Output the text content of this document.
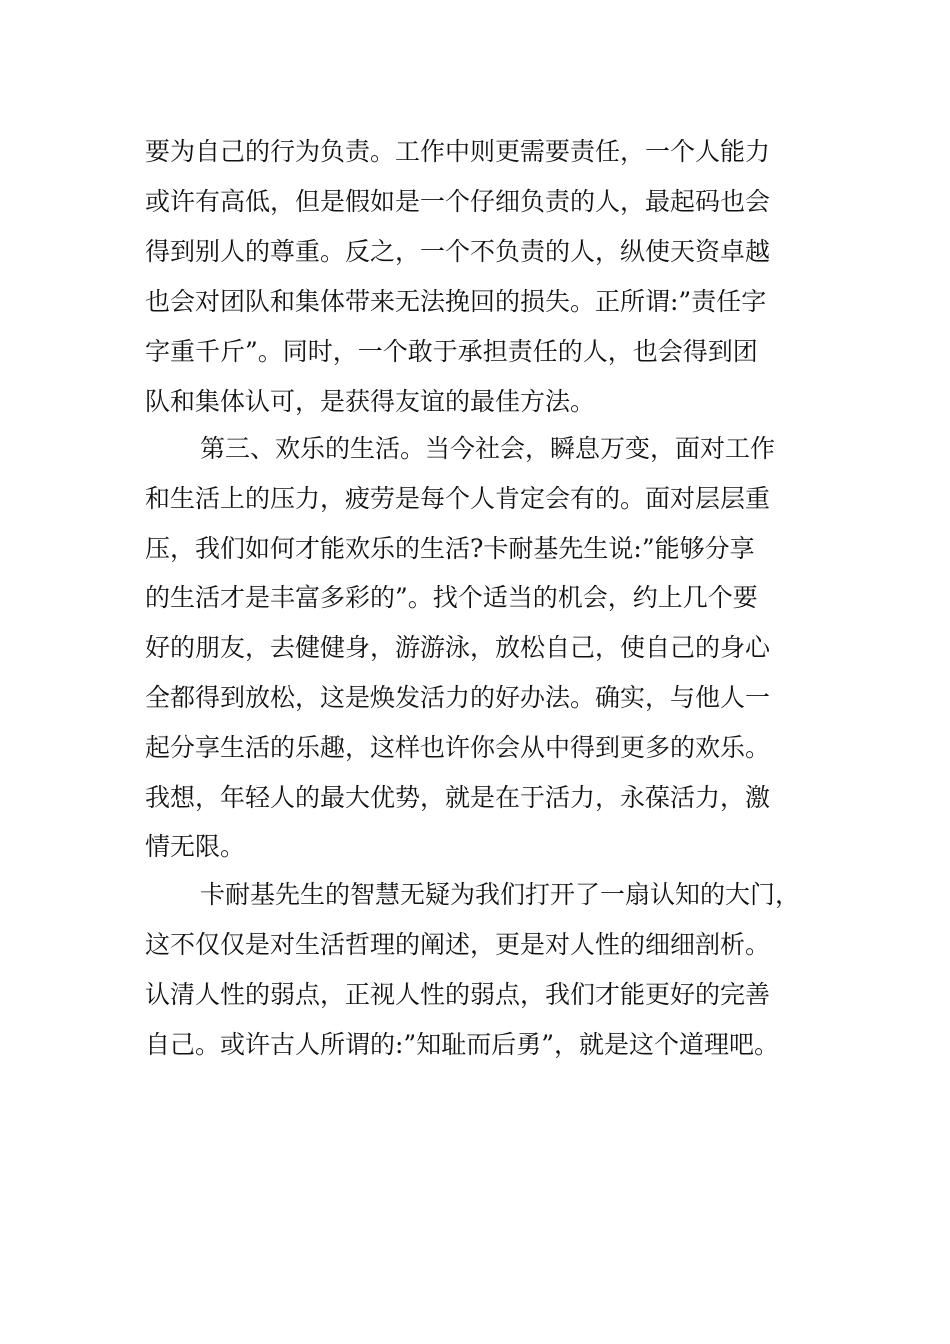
要为自己的行为负责。工作中则更需要责任，一个人能力
或许有高低，但是假如是一个仔细负责的人，最起码也会
得到别人的尊重。反之，一个不负责的人，纵使天资卓越
也会对团队和集体带来无法挽回的损失。正所谓:”责任字
字重千斤”。同时，一个敢于承担责任的人，也会得到团
队和集体认可，是获得友谊的最佳方法。
第三、欢乐的生活。当今社会，瞬息万变，面对工作
和生活上的压力，疲劳是每个人肯定会有的。面对层层重
压，我们如何才能欢乐的生活?卡耐基先生说:”能够分享
的生活才是丰富多彩的”。找个适当的机会，约上几个要
好的朋友，去健健身，游游泳，放松自己，使自己的身心
全都得到放松，这是焕发活力的好办法。确实，与他人一
起分享生活的乐趣，这样也许你会从中得到更多的欢乐。
我想，年轻人的最大优势，就是在于活力，永葆活力，激
情无限。
卡耐基先生的智慧无疑为我们打开了一扇认知的大门，
这不仅仅是对生活哲理的阐述，更是对人性的细细剖析。
认清人性的弱点，正视人性的弱点，我们才能更好的完善
自己。或许古人所谓的:”知耻而后勇”，就是这个道理吧。
